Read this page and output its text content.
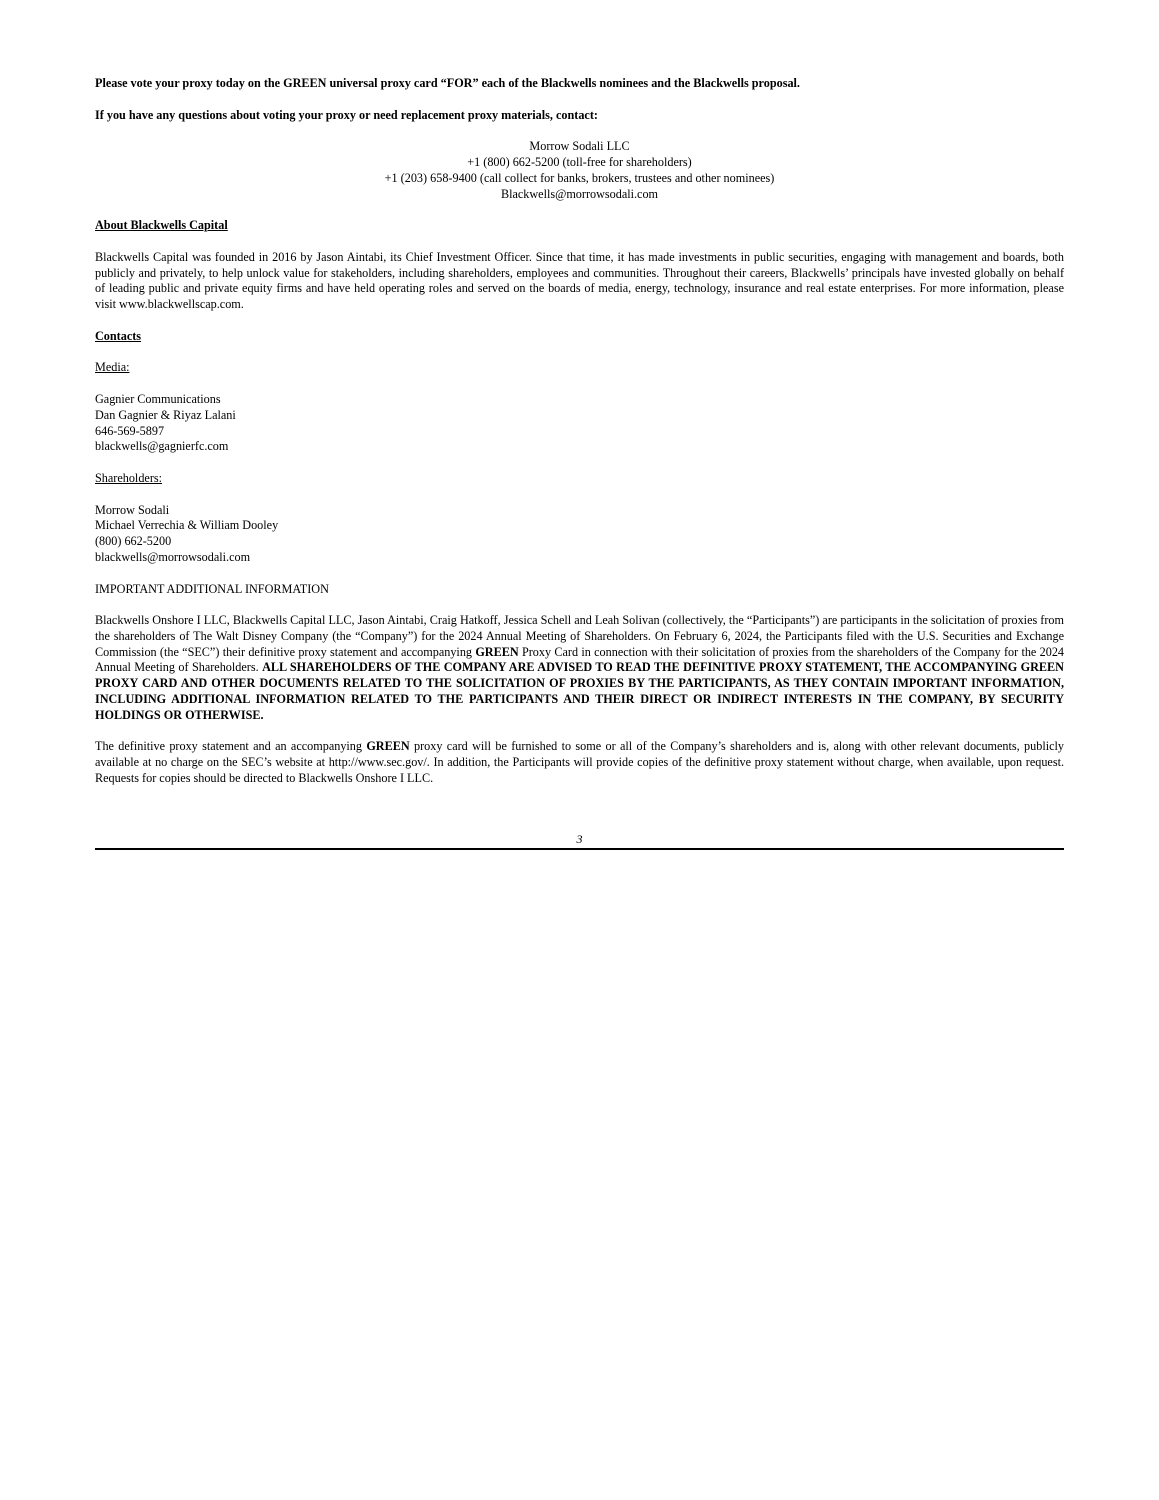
Please vote your proxy today on the GREEN universal proxy card “FOR” each of the Blackwells nominees and the Blackwells proposal.

If you have any questions about voting your proxy or need replacement proxy materials, contact:

Morrow Sodali LLC
+1 (800) 662-5200 (toll-free for shareholders)
+1 (203) 658-9400 (call collect for banks, brokers, trustees and other nominees)
Blackwells@morrowsodali.com

About Blackwells Capital

Blackwells Capital was founded in 2016 by Jason Aintabi, its Chief Investment Officer. Since that time, it has made investments in public securities, engaging with management and boards, both publicly and privately, to help unlock value for stakeholders, including shareholders, employees and communities. Throughout their careers, Blackwells’ principals have invested globally on behalf of leading public and private equity firms and have held operating roles and served on the boards of media, energy, technology, insurance and real estate enterprises. For more information, please visit www.blackwellscap.com.

Contacts

Media:

Gagnier Communications
Dan Gagnier & Riyaz Lalani
646-569-5897
blackwells@gagnierfc.com

Shareholders:

Morrow Sodali
Michael Verrechia & William Dooley
(800) 662-5200
blackwells@morrowsodali.com

IMPORTANT ADDITIONAL INFORMATION

Blackwells Onshore I LLC, Blackwells Capital LLC, Jason Aintabi, Craig Hatkoff, Jessica Schell and Leah Solivan (collectively, the “Participants”) are participants in the solicitation of proxies from the shareholders of The Walt Disney Company (the “Company”) for the 2024 Annual Meeting of Shareholders. On February 6, 2024, the Participants filed with the U.S. Securities and Exchange Commission (the “SEC”) their definitive proxy statement and accompanying GREEN Proxy Card in connection with their solicitation of proxies from the shareholders of the Company for the 2024 Annual Meeting of Shareholders. ALL SHAREHOLDERS OF THE COMPANY ARE ADVISED TO READ THE DEFINITIVE PROXY STATEMENT, THE ACCOMPANYING GREEN PROXY CARD AND OTHER DOCUMENTS RELATED TO THE SOLICITATION OF PROXIES BY THE PARTICIPANTS, AS THEY CONTAIN IMPORTANT INFORMATION, INCLUDING ADDITIONAL INFORMATION RELATED TO THE PARTICIPANTS AND THEIR DIRECT OR INDIRECT INTERESTS IN THE COMPANY, BY SECURITY HOLDINGS OR OTHERWISE.

The definitive proxy statement and an accompanying GREEN proxy card will be furnished to some or all of the Company’s shareholders and is, along with other relevant documents, publicly available at no charge on the SEC’s website at http://www.sec.gov/. In addition, the Participants will provide copies of the definitive proxy statement without charge, when available, upon request. Requests for copies should be directed to Blackwells Onshore I LLC.

3
